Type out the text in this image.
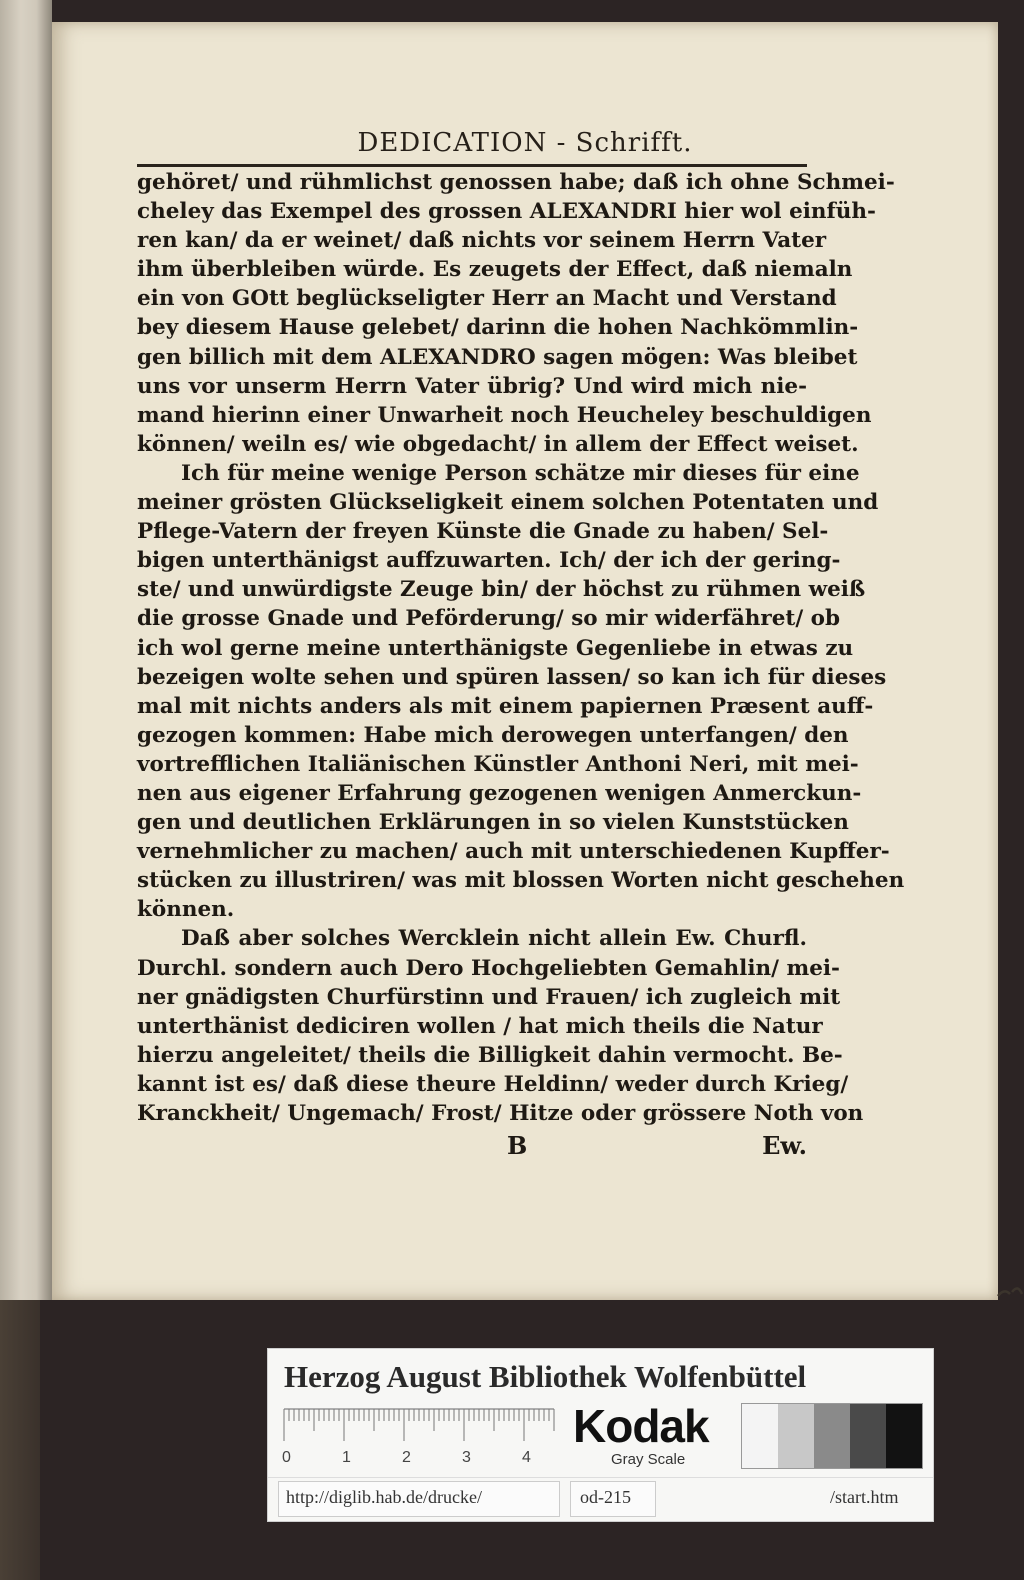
DEDICATION - Schrifft.
gehöret/ und rühmlichst genossen habe; daß ich ohne Schmei-
cheley das Exempel des grossen ALEXANDRI hier wol einfüh-
ren kan/ da er weinet/ daß nichts vor seinem Herrn Vater
ihm überbleiben würde. Es zeugets der Effect, daß niemaln
ein von GOtt beglückseligter Herr an Macht und Verstand
bey diesem Hause gelebet/ darinn die hohen Nachkömmlin-
gen billich mit dem ALEXANDRO sagen mögen: Was bleibet
uns vor unserm Herrn Vater übrig? Und wird mich nie-
mand hierinn einer Unwarheit noch Heucheley beschuldigen
können/ weiln es/ wie obgedacht/ in allem der Effect weiset.
Ich für meine wenige Person schätze mir dieses für eine
meiner grösten Glückseligkeit einem solchen Potentaten und
Pflege-Vatern der freyen Künste die Gnade zu haben/ Sel-
bigen unterthänigst auffzuwarten. Ich/ der ich der gering-
ste/ und unwürdigste Zeuge bin/ der höchst zu rühmen weiß
die grosse Gnade und Peförderung/ so mir widerfähret/ ob
ich wol gerne meine unterthänigste Gegenliebe in etwas zu
bezeigen wolte sehen und spüren lassen/ so kan ich für dieses
mal mit nichts anders als mit einem papiernen Præsent auff-
gezogen kommen: Habe mich derowegen unterfangen/ den
vortrefflichen Italiänischen Künstler Anthoni Neri, mit mei-
nen aus eigener Erfahrung gezogenen wenigen Anmerckun-
gen und deutlichen Erklärungen in so vielen Kunststücken
vernehmlicher zu machen/ auch mit unterschiedenen Kupffer-
stücken zu illustriren/ was mit blossen Worten nicht geschehen
können.
Daß aber solches Wercklein nicht allein Ew. Churfl.
Durchl. sondern auch Dero Hochgeliebten Gemahlin/ mei-
ner gnädigsten Churfürstinn und Frauen/ ich zugleich mit
unterthänist dediciren wollen / hat mich theils die Natur
hierzu angeleitet/ theils die Billigkeit dahin vermocht. Be-
kannt ist es/ daß diese theure Heldinn/ weder durch Krieg/
Kranckheit/ Ungemach/ Frost/ Hitze oder grössere Noth von
B	Ew.
Herzog August Bibliothek Wolfenbüttel
0	1	2	3	4
Kodak
Gray Scale
http://diglib.hab.de/drucke/	od-215	/start.htm
